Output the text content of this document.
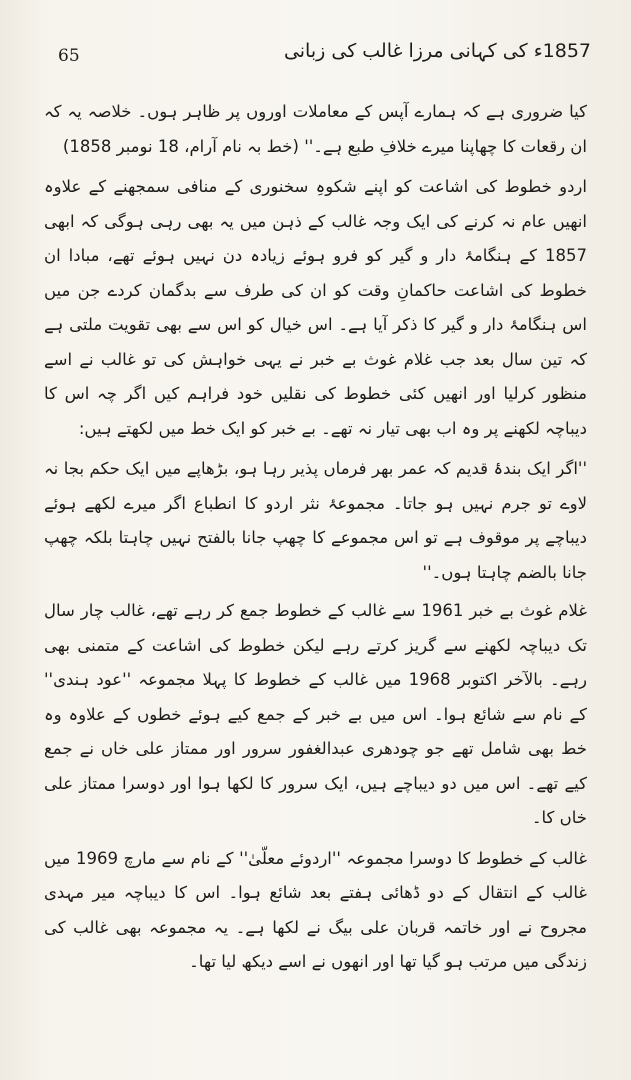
65	1857ء کی کہانی مرزا غالب کی زبانی

کیا ضروری ہے کہ ہمارے آپس کے معاملات اوروں پر ظاہر ہوں۔ خلاصہ یہ کہ ان رقعات کا چھاپنا میرے خلافِ طبع ہے۔'' (خط بہ نام آرام، 18 نومبر 1858)

اردو خطوط کی اشاعت کو اپنے شکوہِ سخنوری کے منافی سمجھنے کے علاوہ انھیں عام نہ کرنے کی ایک وجہ غالب کے ذہن میں یہ بھی رہی ہوگی کہ ابھی 1857 کے ہنگامۂ دار و گیر کو فرو ہوئے زیادہ دن نہیں ہوئے تھے، مبادا ان خطوط کی اشاعت حاکمانِ وقت کو ان کی طرف سے بدگمان کردے جن میں اس ہنگامۂ دار و گیر کا ذکر آیا ہے۔ اس خیال کو اس سے بھی تقویت ملتی ہے کہ تین سال بعد جب غلام غوث بے خبر نے یہی خواہش کی تو غالب نے اسے منظور کرلیا اور انھیں کئی خطوط کی نقلیں خود فراہم کیں اگر چہ اس کا دیباچہ لکھنے پر وہ اب بھی تیار نہ تھے۔ بے خبر کو ایک خط میں لکھتے ہیں:

''اگر ایک بندۂ قدیم کہ عمر بھر فرماں پذیر رہا ہو، بڑھاپے میں ایک حکم بجا نہ لاوے تو جرم نہیں ہو جاتا۔ مجموعۂ نثر اردو کا انطباع اگر میرے لکھے ہوئے دیباچے پر موقوف ہے تو اس مجموعے کا چھپ جانا بالفتح نہیں چاہتا بلکہ چھپ جانا بالضم چاہتا ہوں۔''

غلام غوث بے خبر 1961 سے غالب کے خطوط جمع کر رہے تھے، غالب چار سال تک دیباچہ لکھنے سے گریز کرتے رہے لیکن خطوط کی اشاعت کے متمنی بھی رہے۔ بالآخر اکتوبر 1968 میں غالب کے خطوط کا پہلا مجموعہ ''عود ہندی'' کے نام سے شائع ہوا۔ اس میں بے خبر کے جمع کیے ہوئے خطوں کے علاوہ وہ خط بھی شامل تھے جو چودھری عبدالغفور سرور اور ممتاز علی خاں نے جمع کیے تھے۔ اس میں دو دیباچے ہیں، ایک سرور کا لکھا ہوا اور دوسرا ممتاز علی خاں کا۔

غالب کے خطوط کا دوسرا مجموعہ ''اردوئے معلّیٰ'' کے نام سے مارچ 1969 میں غالب کے انتقال کے دو ڈھائی ہفتے بعد شائع ہوا۔ اس کا دیباچہ میر مہدی مجروح نے اور خاتمہ قربان علی بیگ نے لکھا ہے۔ یہ مجموعہ بھی غالب کی زندگی میں مرتب ہو گیا تھا اور انھوں نے اسے دیکھ لیا تھا۔
